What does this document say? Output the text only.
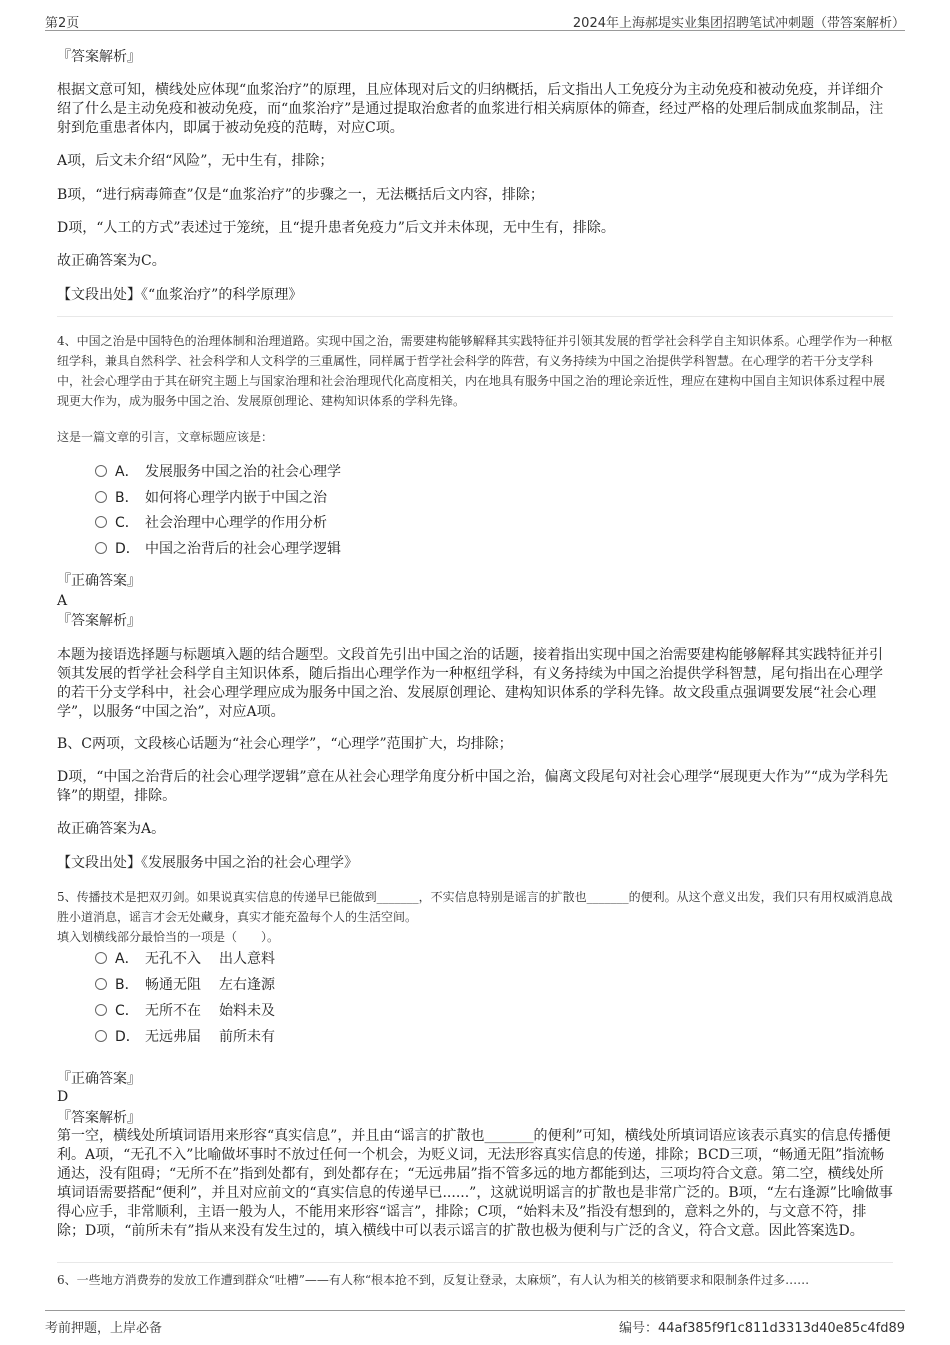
第2页	2024年上海郝堤实业集团招聘笔试冲刺题（带答案解析）
『答案解析』
根据文意可知，横线处应体现“血浆治疗”的原理，且应体现对后文的归纳概括，后文指出人工免疫分为主动免疫和被动免疫，并详细介绍了什么是主动免疫和被动免疫，而“血浆治疗”是通过提取治愈者的血浆进行相关病原体的筛查，经过严格的处理后制成血浆制品，注射到危重患者体内，即属于被动免疫的范畴，对应C项。
A项，后文未介绍“风险”，无中生有，排除；
B项，“进行病毒筛查”仅是“血浆治疗”的步骤之一，无法概括后文内容，排除；
D项，“人工的方式”表述过于笼统，且“提升患者免疫力”后文并未体现，无中生有，排除。
故正确答案为C。
【文段出处】《“血浆治疗”的科学原理》
4、中国之治是中国特色的治理体制和治理道路。实现中国之治，需要建构能够解释其实践特征并引领其发展的哲学社会科学自主知识体系。心理学作为一种枢纽学科，兼具自然科学、社会科学和人文科学的三重属性，同样属于哲学社会科学的阵营，有义务持续为中国之治提供学科智慧。在心理学的若干分支学科中，社会心理学由于其在研究主题上与国家治理和社会治理现代化高度相关，内在地具有服务中国之治的理论亲近性，理应在建构中国自主知识体系过程中展现更大作为，成为服务中国之治、发展原创理论、建构知识体系的学科先锋。
这是一篇文章的引言，文章标题应该是：
A． 发展服务中国之治的社会心理学
B． 如何将心理学内嵌于中国之治
C． 社会治理中心理学的作用分析
D． 中国之治背后的社会心理学逻辑
『正确答案』
A
『答案解析』
本题为接语选择题与标题填入题的结合题型。文段首先引出中国之治的话题，接着指出实现中国之治需要建构能够解释其实践特征并引领其发展的哲学社会科学自主知识体系，随后指出心理学作为一种枢纽学科，有义务持续为中国之治提供学科智慧，尾句指出在心理学的若干分支学科中，社会心理学理应成为服务中国之治、发展原创理论、建构知识体系的学科先锋。故文段重点强调要发展“社会心理学”，以服务“中国之治”，对应A项。
B、C两项，文段核心话题为“社会心理学”，“心理学”范围扩大，均排除；
D项，“中国之治背后的社会心理学逻辑”意在从社会心理学角度分析中国之治，偏离文段尾句对社会心理学“展现更大作为”“成为学科先锋”的期望，排除。
故正确答案为A。
【文段出处】《发展服务中国之治的社会心理学》
5、传播技术是把双刃剑。如果说真实信息的传递早已能做到_______，不实信息特别是谣言的扩散也_______的便利。从这个意义出发，我们只有用权威消息战胜小道消息，谣言才会无处藏身，真实才能充盈每个人的生活空间。
填入划横线部分最恰当的一项是（　　）。
A． 无孔不入 出人意料
B． 畅通无阻 左右逢源
C． 无所不在 始料未及
D． 无远弗届 前所未有
『正确答案』
D
『答案解析』
第一空，横线处所填词语用来形容“真实信息”，并且由“谣言的扩散也_______的便利”可知，横线处所填词语应该表示真实的信息传播便利。A项，“无孔不入”比喻做坏事时不放过任何一个机会，为贬义词，无法形容真实信息的传递，排除；BCD三项，“畅通无阻”指流畅通达，没有阻碍；“无所不在”指到处都有，到处都存在；“无远弗届”指不管多远的地方都能到达，三项均符合文意。第二空，横线处所填词语需要搭配“便利”，并且对应前文的“真实信息的传递早已......”，这就说明谣言的扩散也是非常广泛的。B项，“左右逢源”比喻做事得心应手，非常顺利，主语一般为人，不能用来形容“谣言”，排除；C项，“始料未及”指没有想到的，意料之外的，与文意不符，排除；D项，“前所未有”指从来没有发生过的，填入横线中可以表示谣言的扩散也极为便利与广泛的含义，符合文意。因此答案选D。
6、一些地方消费券的发放工作遭到群众“吐槽”——有人称“根本抢不到，反复让登录，太麻烦”，有人认为相关的核销要求和限制条件过多……
考前押题，上岸必备	编号：44af385f9f1c811d3313d40e85c4fd89
